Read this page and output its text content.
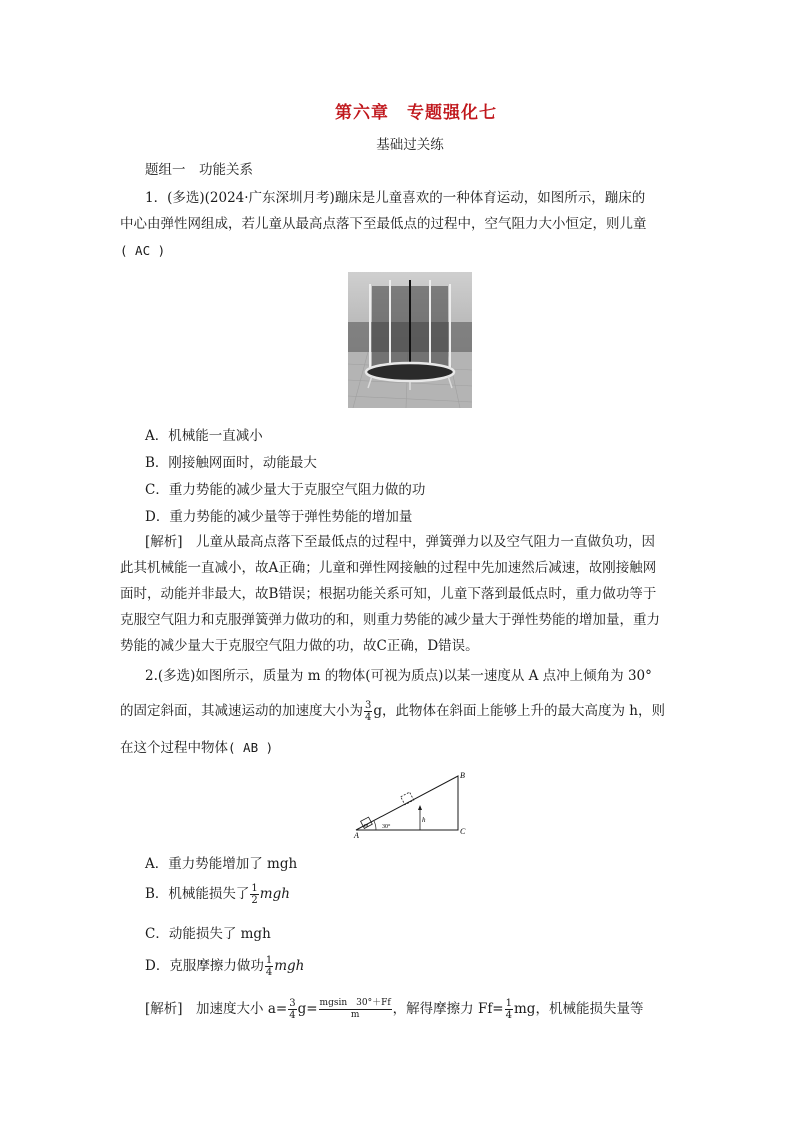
第六章　专题强化七
基础过关练
题组一　功能关系
1．(多选)(2024·广东深圳月考)蹦床是儿童喜欢的一种体育运动，如图所示，蹦床的
中心由弹性网组成，若儿童从最高点落下至最低点的过程中，空气阻力大小恒定，则儿童
( AC )
A．机械能一直减小
B．刚接触网面时，动能最大
C．重力势能的减少量大于克服空气阻力做的功
D．重力势能的减少量等于弹性势能的增加量
[解析]　儿童从最高点落下至最低点的过程中，弹簧弹力以及空气阻力一直做负功，因
此其机械能一直减小，故A正确；儿童和弹性网接触的过程中先加速然后减速，故刚接触网
面时，动能并非最大，故B错误；根据功能关系可知，儿童下落到最低点时，重力做功等于
克服空气阻力和克服弹簧弹力做功的和，则重力势能的减少量大于弹性势能的增加量，重力
势能的减少量大于克服空气阻力做的功，故C正确，D错误。
2.(多选)如图所示，质量为 m 的物体(可视为质点)以某一速度从 A 点冲上倾角为 30°
的固定斜面，其减速运动的加速度大小为 $\frac{3}{4}$ g，此物体在斜面上能够上升的最大高度为 h，则
在这个过程中物体( AB )
A
B
C
h
m 30°
A．重力势能增加了 mgh
B．机械能损失了 $\frac{1}{2}$ mgh
C．动能损失了 mgh
D．克服摩擦力做功 $\frac{1}{4}$ mgh
[解析]　加速度大小 $a= \frac{3}{4} g= \frac{mgsin 30^\circ+Ff}{m}$ ，解得摩擦力 $Ff= \frac{1}{4}$ mg，机械能损失量等
